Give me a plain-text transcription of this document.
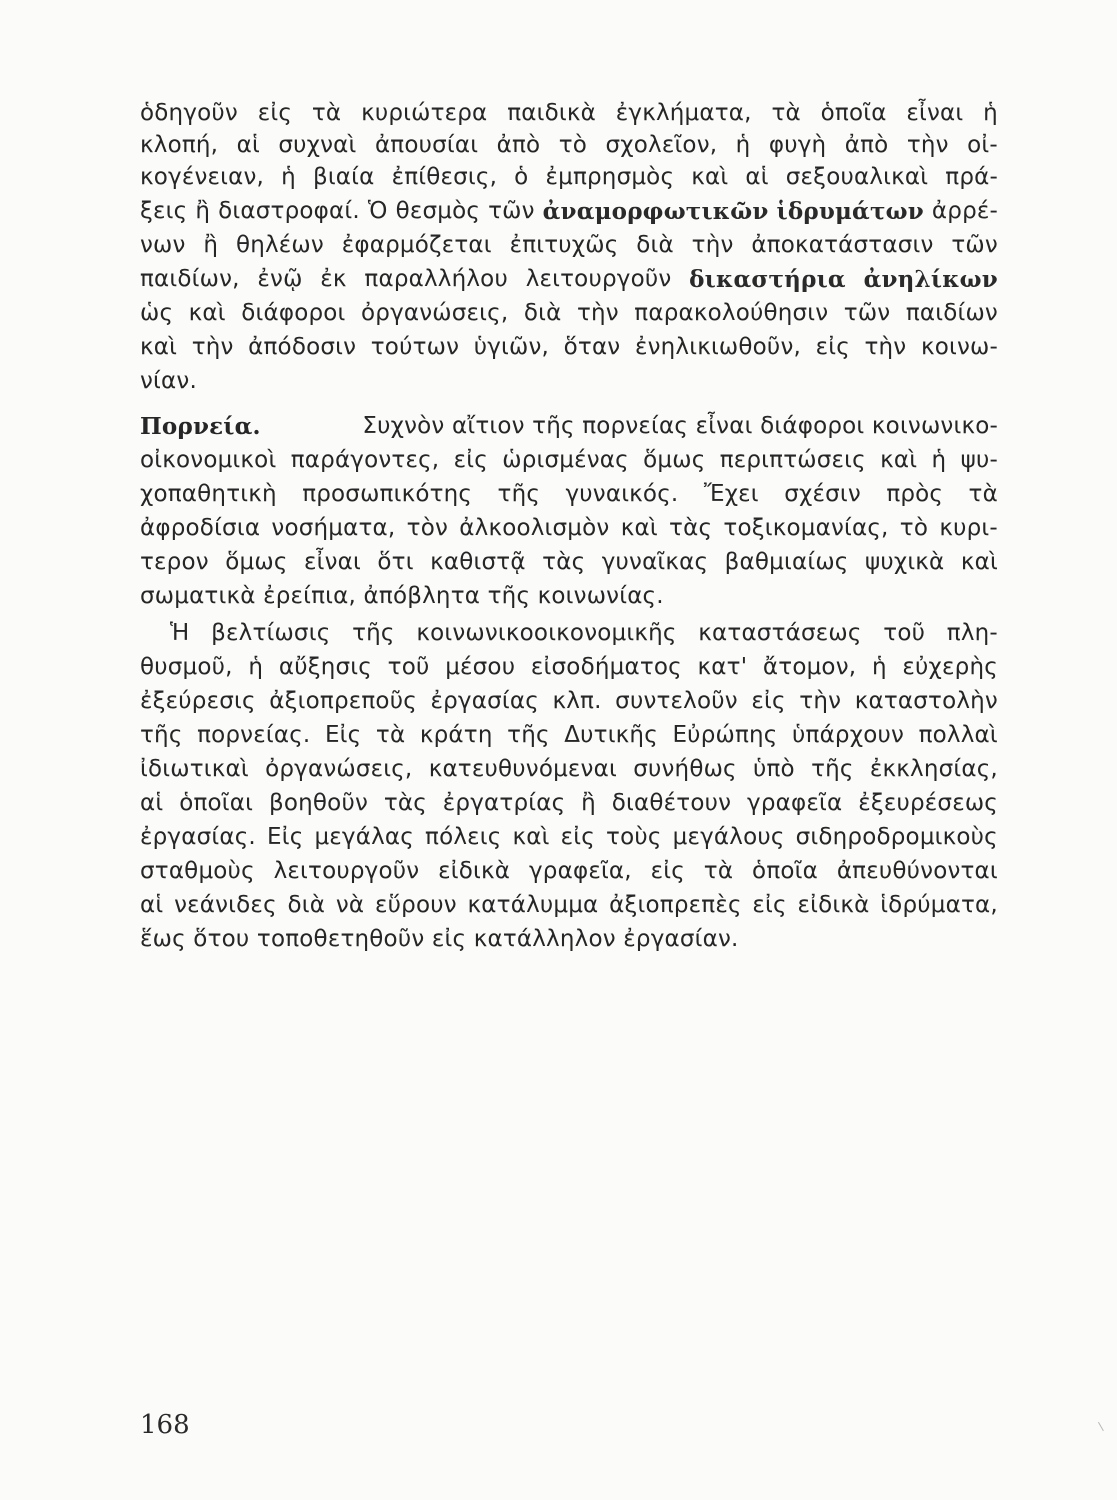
ὁδηγοῦν εἰς τὰ κυριώτερα παιδικὰ ἐγκλήματα, τὰ ὁποῖα εἶναι ἡ
κλοπή, αἱ συχναὶ ἀπουσίαι ἀπὸ τὸ σχολεῖον, ἡ φυγὴ ἀπὸ τὴν οἰ-
κογένειαν, ἡ βιαία ἐπίθεσις, ὁ ἐμπρησμὸς καὶ αἱ σεξουαλικαὶ πρά-
ξεις ἢ διαστροφαί. Ὁ θεσμὸς τῶν ἀναμορφωτικῶν ἱδρυμάτων ἀρρέ-
νων ἢ θηλέων ἐφαρμόζεται ἐπιτυχῶς διὰ τὴν ἀποκατάστασιν τῶν
παιδίων, ἐνῷ ἐκ παραλλήλου λειτουργοῦν δικαστήρια ἀνηλίκων
ὡς καὶ διάφοροι ὀργανώσεις, διὰ τὴν παρακολούθησιν τῶν παιδίων
καὶ τὴν ἀπόδοσιν τούτων ὑγιῶν, ὅταν ἐνηλικιωθοῦν, εἰς τὴν κοινω-
νίαν.
Πορνεία.	Συχνὸν αἴτιον τῆς πορνείας εἶναι διάφοροι κοινωνικο-
οἰκονομικοὶ παράγοντες, εἰς ὡρισμένας ὅμως περιπτώσεις καὶ ἡ ψυ-
χοπαθητικὴ προσωπικότης τῆς γυναικός. Ἔχει σχέσιν πρὸς τὰ
ἀφροδίσια νοσήματα, τὸν ἀλκοολισμὸν καὶ τὰς τοξικομανίας, τὸ κυρι-
τερον ὅμως εἶναι ὅτι καθιστᾷ τὰς γυναῖκας βαθμιαίως ψυχικὰ καὶ
σωματικὰ ἐρείπια, ἀπόβλητα τῆς κοινωνίας.
Ἡ βελτίωσις τῆς κοινωνικοοικονομικῆς καταστάσεως τοῦ πλη-
θυσμοῦ, ἡ αὔξησις τοῦ μέσου εἰσοδήματος κατ' ἄτομον, ἡ εὐχερὴς
ἐξεύρεσις ἀξιοπρεποῦς ἐργασίας κλπ. συντελοῦν εἰς τὴν καταστολὴν
τῆς πορνείας. Εἰς τὰ κράτη τῆς Δυτικῆς Εὐρώπης ὑπάρχουν πολλαὶ
ἰδιωτικαὶ ὀργανώσεις, κατευθυνόμεναι συνήθως ὑπὸ τῆς ἐκκλησίας,
αἱ ὁποῖαι βοηθοῦν τὰς ἐργατρίας ἢ διαθέτουν γραφεῖα ἐξευρέσεως
ἐργασίας. Εἰς μεγάλας πόλεις καὶ εἰς τοὺς μεγάλους σιδηροδρομικοὺς
σταθμοὺς λειτουργοῦν εἰδικὰ γραφεῖα, εἰς τὰ ὁποῖα ἀπευθύνονται
αἱ νεάνιδες διὰ νὰ εὕρουν κατάλυμμα ἀξιοπρεπὲς εἰς εἰδικὰ ἱδρύματα,
ἕως ὅτου τοποθετηθοῦν εἰς κατάλληλον ἐργασίαν.
168
